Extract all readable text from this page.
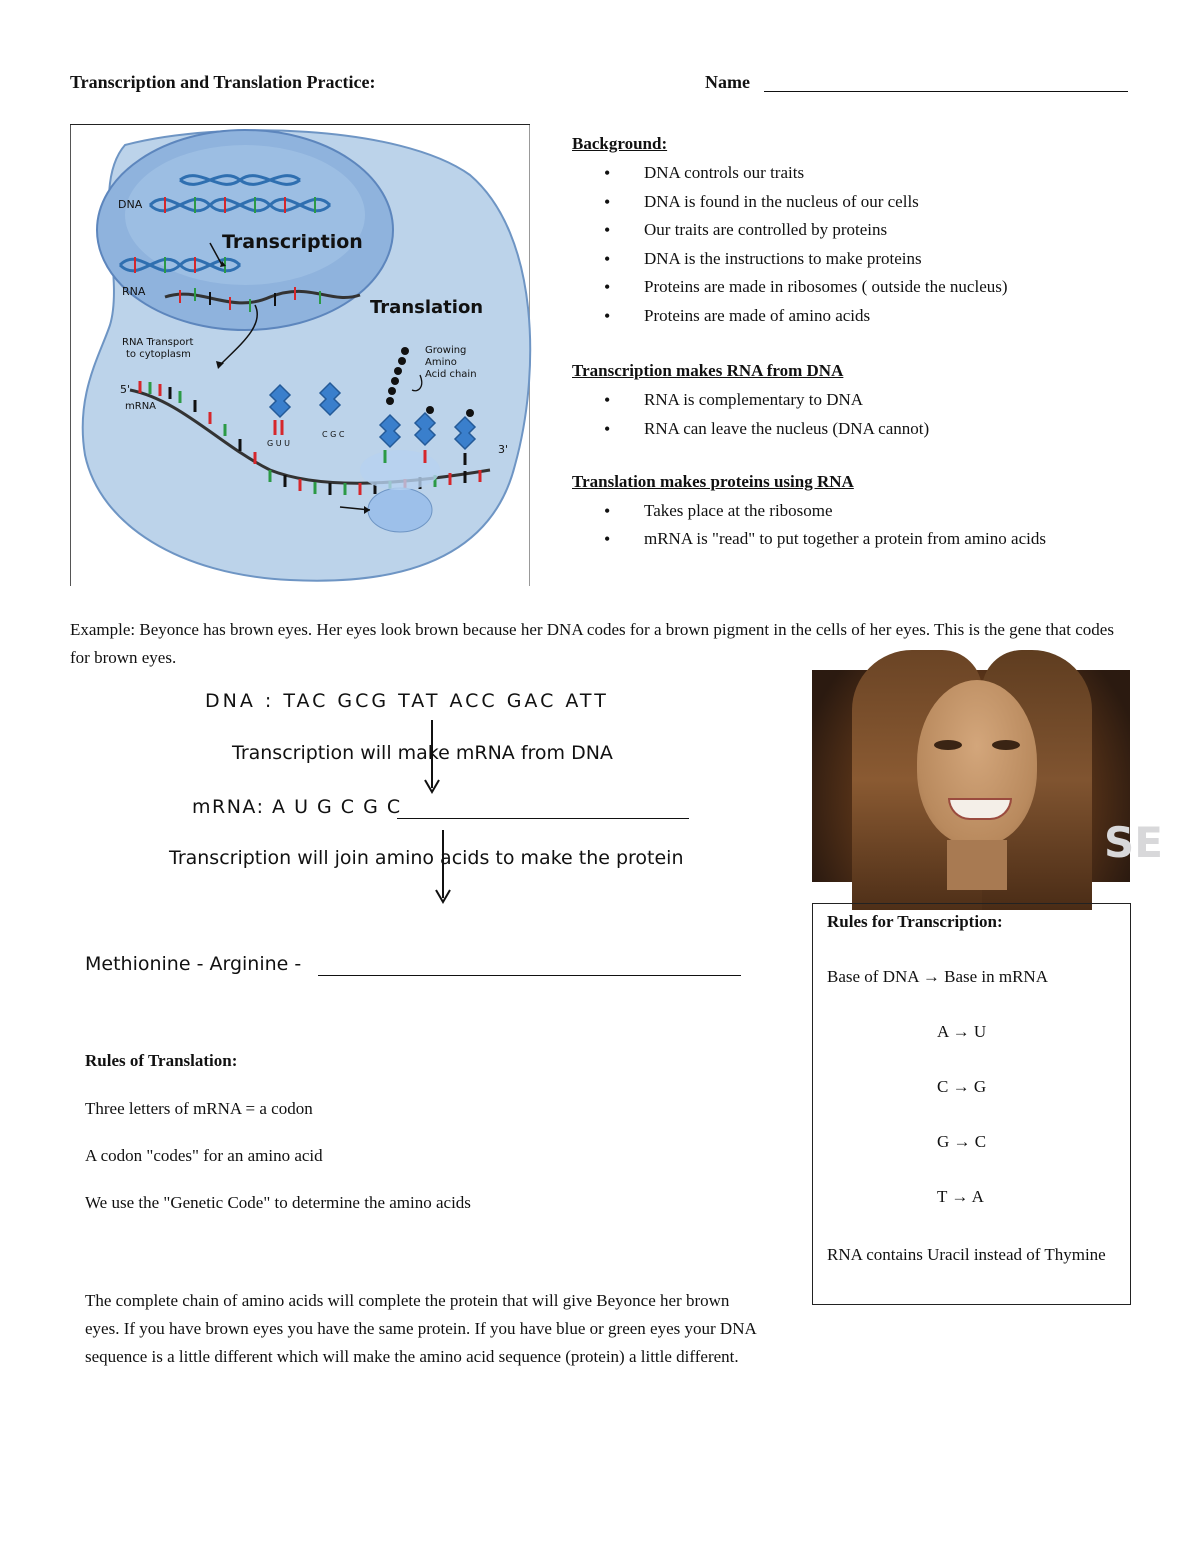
Transcription and Translation Practice:	Name
DNA
Transcription
RNA
Translation
RNA Transport
to cytoplasm
5'
mRNA
Growing
Amino
Acid chain
3'
G U U
C G C
Background:
• DNA controls our traits
• DNA is found in the nucleus of our cells
• Our traits are controlled by proteins
• DNA is the instructions to make proteins
• Proteins are made in ribosomes ( outside the nucleus)
• Proteins are made of amino acids
Transcription makes RNA from DNA
• RNA is complementary to DNA
• RNA can leave the nucleus (DNA cannot)
Translation makes proteins using RNA
• Takes place at the ribosome
• mRNA is "read" to put together a protein from amino acids
Example: Beyonce has brown eyes. Her eyes look brown because her DNA codes for a brown pigment in the cells of her eyes. This is the gene that codes for brown eyes.
DNA : TAC GCG TAT ACC GAC ATT
Transcription will make mRNA from DNA
mRNA: A U G C G C
Transcription will join amino acids to make the protein
Methionine - Arginine -
Rules of Translation:
Three letters of mRNA = a codon
A codon "codes" for an amino acid
We use the "Genetic Code" to determine the amino acids
The complete chain of amino acids will complete the protein that will give Beyonce her brown eyes. If you have brown eyes you have the same protein. If you have blue or green eyes your DNA sequence is a little different which will make the amino acid sequence (protein) a little different.
SE
Rules for Transcription:
Base of DNA → Base in mRNA
A → U
C → G
G → C
T → A
RNA contains Uracil instead of Thymine
